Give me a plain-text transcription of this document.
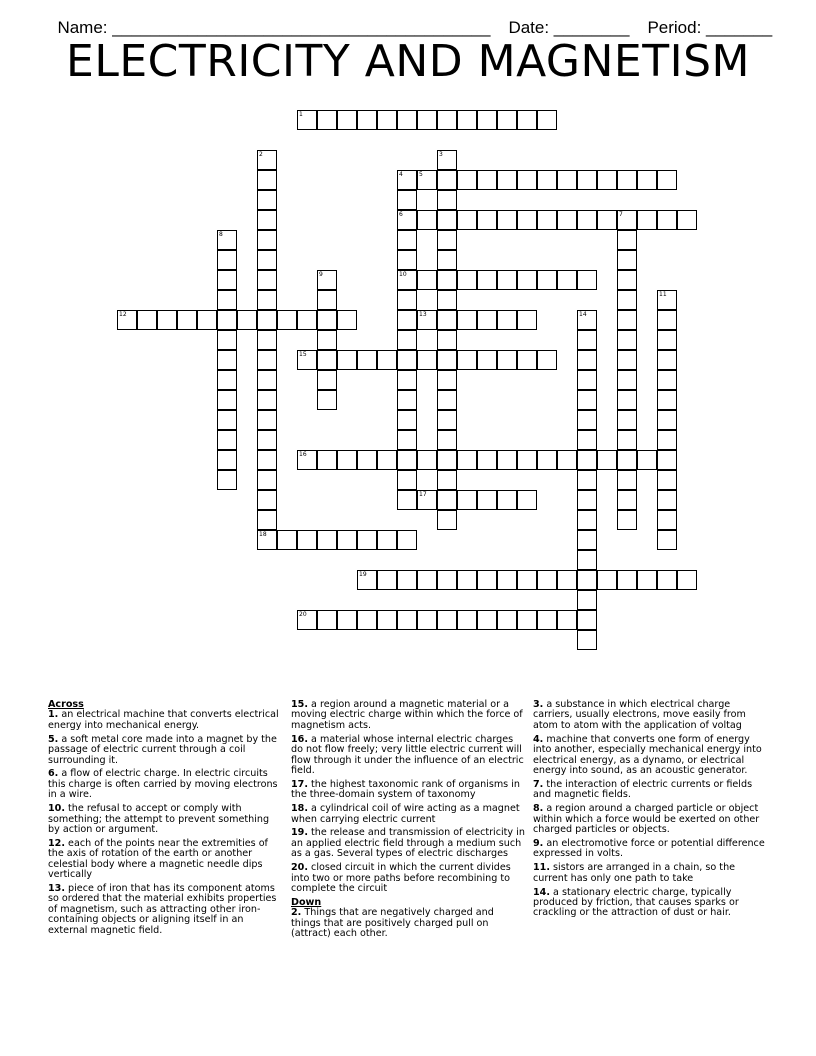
Name: ________________________________________ Date: ________ Period: _______

ELECTRICITY AND MAGNETISM
1
2	3
4	5
6	7
8
9	10
11
12	13	14
15
16
17
18
19
20
Across
1. an electrical machine that converts electrical energy into mechanical energy.
5. a soft metal core made into a magnet by the passage of electric current through a coil surrounding it.
6. a flow of electric charge. In electric circuits this charge is often carried by moving electrons in a wire.
10. the refusal to accept or comply with something; the attempt to prevent something by action or argument.
12. each of the points near the extremities of the axis of rotation of the earth or another celestial body where a magnetic needle dips vertically
13. piece of iron that has its component atoms so ordered that the material exhibits properties of magnetism, such as attracting other iron-containing objects or aligning itself in an external magnetic field.
15. a region around a magnetic material or a moving electric charge within which the force of magnetism acts.
16. a material whose internal electric charges do not flow freely; very little electric current will flow through it under the influence of an electric field.
17. the highest taxonomic rank of organisms in the three-domain system of taxonomy
18. a cylindrical coil of wire acting as a magnet when carrying electric current
19. the release and transmission of electricity in an applied electric field through a medium such as a gas. Several types of electric discharges
20. closed circuit in which the current divides into two or more paths before recombining to complete the circuit
Down
2. Things that are negatively charged and things that are positively charged pull on (attract) each other.
3. a substance in which electrical charge carriers, usually electrons, move easily from atom to atom with the application of voltag
4. machine that converts one form of energy into another, especially mechanical energy into electrical energy, as a dynamo, or electrical energy into sound, as an acoustic generator.
7. the interaction of electric currents or fields and magnetic fields.
8. a region around a charged particle or object within which a force would be exerted on other charged particles or objects.
9. an electromotive force or potential difference expressed in volts.
11. sistors are arranged in a chain, so the current has only one path to take
14. a stationary electric charge, typically produced by friction, that causes sparks or crackling or the attraction of dust or hair.
